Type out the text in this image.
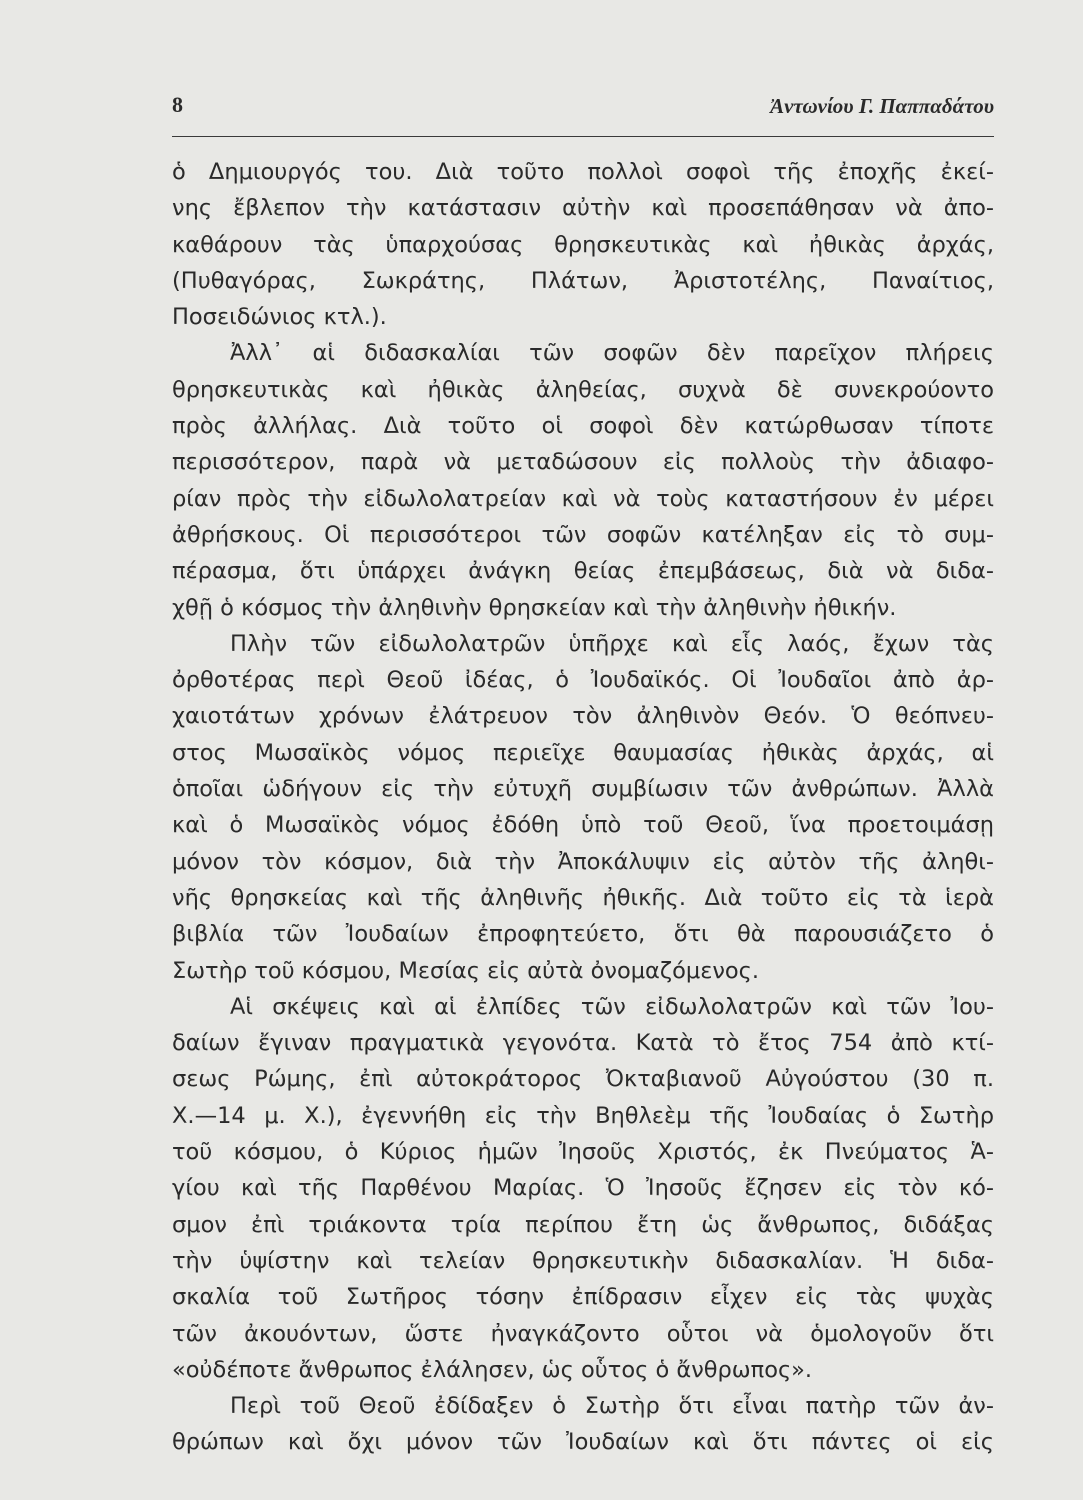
8	Ἀντωνίου Γ. Παππαδάτου
ὁ Δημιουργός του. Διὰ τοῦτο πολλοὶ σοφοὶ τῆς ἐποχῆς ἐκεί-
νης ἔβλεπον τὴν κατάστασιν αὐτὴν καὶ προσεπάθησαν νὰ ἀπο-
καθάρουν τὰς ὑπαρχούσας θρησκευτικὰς καὶ ἠθικὰς ἀρχάς,
(Πυθαγόρας, Σωκράτης, Πλάτων, Ἀριστοτέλης, Παναίτιος,
Ποσειδώνιος κτλ.).
Ἀλλ᾽ αἱ διδασκαλίαι τῶν σοφῶν δὲν παρεῖχον πλήρεις
θρησκευτικὰς καὶ ἠθικὰς ἀληθείας, συχνὰ δὲ συνεκρούοντο
πρὸς ἀλλήλας. Διὰ τοῦτο οἱ σοφοὶ δὲν κατώρθωσαν τίποτε
περισσότερον, παρὰ νὰ μεταδώσουν εἰς πολλοὺς τὴν ἀδιαφο-
ρίαν πρὸς τὴν εἰδωλολατρείαν καὶ νὰ τοὺς καταστήσουν ἐν μέρει
ἀθρήσκους. Οἱ περισσότεροι τῶν σοφῶν κατέληξαν εἰς τὸ συμ-
πέρασμα, ὅτι ὑπάρχει ἀνάγκη θείας ἐπεμβάσεως, διὰ νὰ διδα-
χθῇ ὁ κόσμος τὴν ἀληθινὴν θρησκείαν καὶ τὴν ἀληθινὴν ἠθικήν.
Πλὴν τῶν εἰδωλολατρῶν ὑπῆρχε καὶ εἷς λαός, ἔχων τὰς
ὀρθοτέρας περὶ Θεοῦ ἰδέας, ὁ Ἰουδαϊκός. Οἱ Ἰουδαῖοι ἀπὸ ἀρ-
χαιοτάτων χρόνων ἐλάτρευον τὸν ἀληθινὸν Θεόν. Ὁ θεόπνευ-
στος Μωσαϊκὸς νόμος περιεῖχε θαυμασίας ἠθικὰς ἀρχάς, αἱ
ὁποῖαι ὡδήγουν εἰς τὴν εὐτυχῆ συμβίωσιν τῶν ἀνθρώπων. Ἀλλὰ
καὶ ὁ Μωσαϊκὸς νόμος ἐδόθη ὑπὸ τοῦ Θεοῦ, ἵνα προετοιμάσῃ
μόνον τὸν κόσμον, διὰ τὴν Ἀποκάλυψιν εἰς αὐτὸν τῆς ἀληθι-
νῆς θρησκείας καὶ τῆς ἀληθινῆς ἠθικῆς. Διὰ τοῦτο εἰς τὰ ἱερὰ
βιβλία τῶν Ἰουδαίων ἐπροφητεύετο, ὅτι θὰ παρουσιάζετο ὁ
Σωτὴρ τοῦ κόσμου, Μεσίας εἰς αὐτὰ ὀνομαζόμενος.
Αἱ σκέψεις καὶ αἱ ἐλπίδες τῶν εἰδωλολατρῶν καὶ τῶν Ἰου-
δαίων ἔγιναν πραγματικὰ γεγονότα. Κατὰ τὸ ἔτος 754 ἀπὸ κτί-
σεως Ρώμης, ἐπὶ αὐτοκράτορος Ὀκταβιανοῦ Αὐγούστου (30 π.
Χ.—14 μ. Χ.), ἐγεννήθη εἰς τὴν Βηθλεὲμ τῆς Ἰουδαίας ὁ Σωτὴρ
τοῦ κόσμου, ὁ Κύριος ἡμῶν Ἰησοῦς Χριστός, ἐκ Πνεύματος Ἁ-
γίου καὶ τῆς Παρθένου Μαρίας. Ὁ Ἰησοῦς ἔζησεν εἰς τὸν κό-
σμον ἐπὶ τριάκοντα τρία περίπου ἔτη ὡς ἄνθρωπος, διδάξας
τὴν ὑψίστην καὶ τελείαν θρησκευτικὴν διδασκαλίαν. Ἡ διδα-
σκαλία τοῦ Σωτῆρος τόσην ἐπίδρασιν εἶχεν εἰς τὰς ψυχὰς
τῶν ἀκουόντων, ὥστε ἠναγκάζοντο οὗτοι νὰ ὁμολογοῦν ὅτι
«οὐδέποτε ἄνθρωπος ἐλάλησεν, ὡς οὗτος ὁ ἄνθρωπος».
Περὶ τοῦ Θεοῦ ἐδίδαξεν ὁ Σωτὴρ ὅτι εἶναι πατὴρ τῶν ἀν-
θρώπων καὶ ὄχι μόνον τῶν Ἰουδαίων καὶ ὅτι πάντες οἱ εἰς
